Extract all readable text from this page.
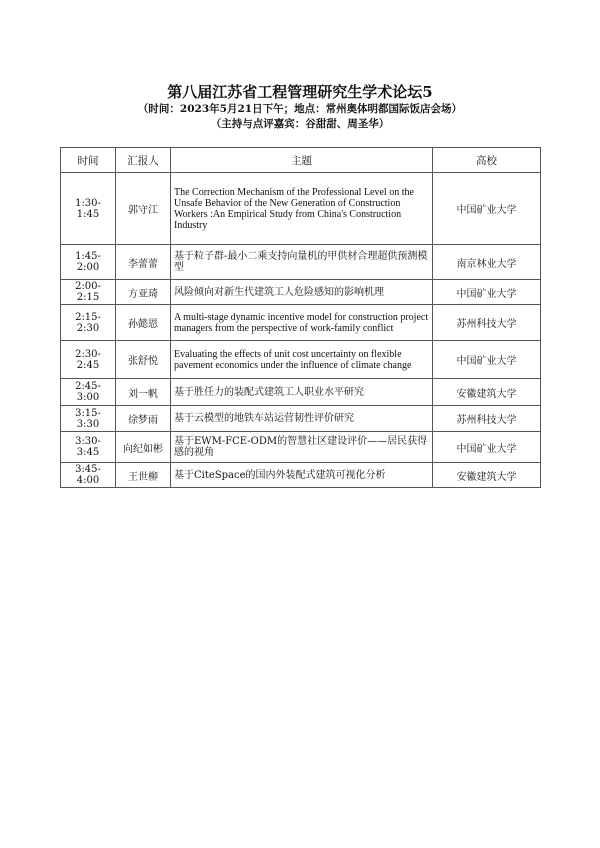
第八届江苏省工程管理研究生学术论坛5

（时间：2023年5月21日下午；地点：常州奥体明都国际饭店会场）

（主持与点评嘉宾：谷甜甜、周圣华）

时间	汇报人	主题	高校
1:30-1:45	郭守江	The Correction Mechanism of the Professional Level on the Unsafe Behavior of the New Generation of Construction Workers :An Empirical Study from China's Construction Industry	中国矿业大学
1:45-2:00	李蕾蕾	基于粒子群-最小二乘支持向量机的甲供材合理超供预测模型	南京林业大学
2:00-2:15	方亚琦	风险倾向对新生代建筑工人危险感知的影响机理	中国矿业大学
2:15-2:30	孙懿恩	A multi-stage dynamic incentive model for construction project managers from the perspective of work-family conflict	苏州科技大学
2:30-2:45	张舒悦	Evaluating the effects of unit cost uncertainty on flexible pavement economics under the influence of climate change	中国矿业大学
2:45-3:00	刘一帆	基于胜任力的装配式建筑工人职业水平研究	安徽建筑大学
3:15-3:30	徐梦雨	基于云模型的地铁车站运营韧性评价研究	苏州科技大学
3:30-3:45	向纪如彬	基于EWM-FCE-ODM的智慧社区建设评价——居民获得感的视角	中国矿业大学
3:45-4:00	王世柳	基于CiteSpace的国内外装配式建筑可视化分析	安徽建筑大学
